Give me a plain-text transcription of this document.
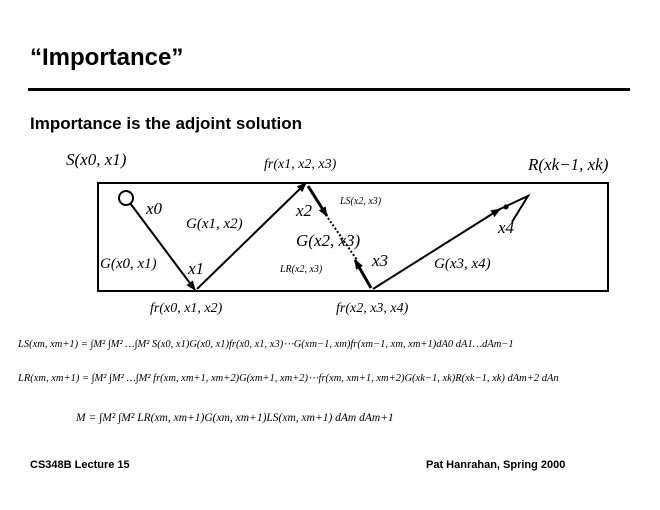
“Importance”
Importance is the adjoint solution
S(x0, x1)	R(xk−1, xk)
fr(x1, x2, x3)
fr(x0, x1, x2)	fr(x2, x3, x4)
x0
x1
x2
x3
x4
G(x0, x1)
G(x1, x2)
G(x2, x3)
G(x3, x4)
LS(x2, x3)
LR(x2, x3)
LS(xm, xm+1) = ∫M² ∫M² …∫M² S(x0, x1)G(x0, x1)fr(x0, x1, x3)⋯G(xm−1, xm)fr(xm−1, xm, xm+1)dA0 dA1…dAm−1
LR(xm, xm+1) = ∫M² ∫M² …∫M² fr(xm, xm+1, xm+2)G(xm+1, xm+2)⋯fr(xm, xm+1, xm+2)G(xk−1, xk)R(xk−1, xk) dAm+2 dAn
M = ∫M² ∫M² LR(xm, xm+1)G(xm, xm+1)LS(xm, xm+1) dAm dAm+1
CS348B Lecture 15	Pat Hanrahan, Spring 2000
